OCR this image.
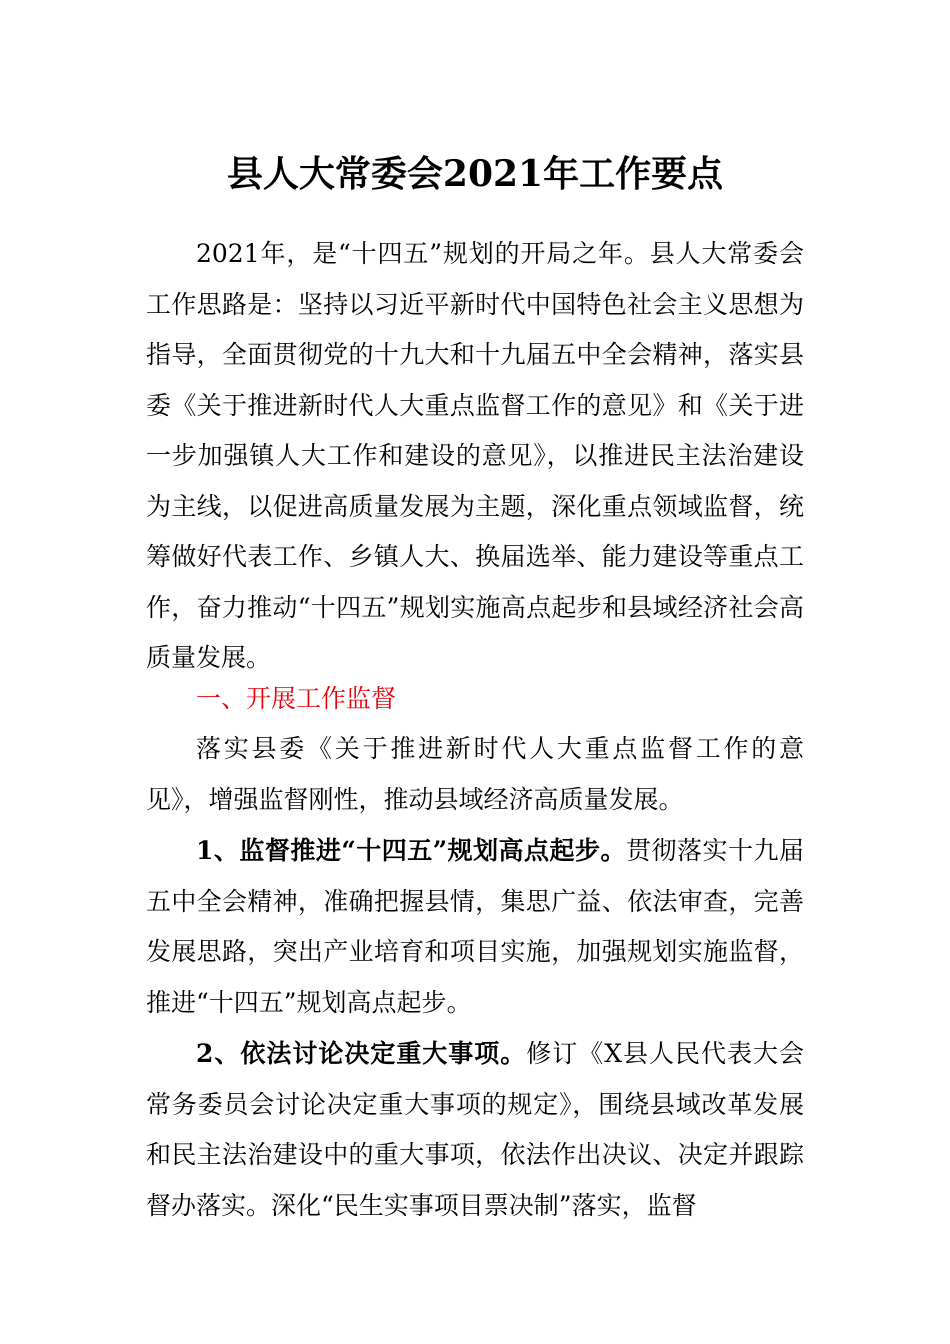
县人大常委会2021年工作要点

2021年，是“十四五”规划的开局之年。县人大常委会工作思路是：坚持以习近平新时代中国特色社会主义思想为指导，全面贯彻党的十九大和十九届五中全会精神，落实县委《关于推进新时代人大重点监督工作的意见》和《关于进一步加强镇人大工作和建设的意见》，以推进民主法治建设为主线，以促进高质量发展为主题，深化重点领域监督，统筹做好代表工作、乡镇人大、换届选举、能力建设等重点工作，奋力推动“十四五”规划实施高点起步和县域经济社会高质量发展。

一、开展工作监督

落实县委《关于推进新时代人大重点监督工作的意见》，增强监督刚性，推动县域经济高质量发展。

1、监督推进“十四五”规划高点起步。贯彻落实十九届五中全会精神，准确把握县情，集思广益、依法审查，完善发展思路，突出产业培育和项目实施，加强规划实施监督，推进“十四五”规划高点起步。

2、依法讨论决定重大事项。修订《X县人民代表大会常务委员会讨论决定重大事项的规定》，围绕县域改革发展和民主法治建设中的重大事项，依法作出决议、决定并跟踪督办落实。深化“民生实事项目票决制”落实，监督
